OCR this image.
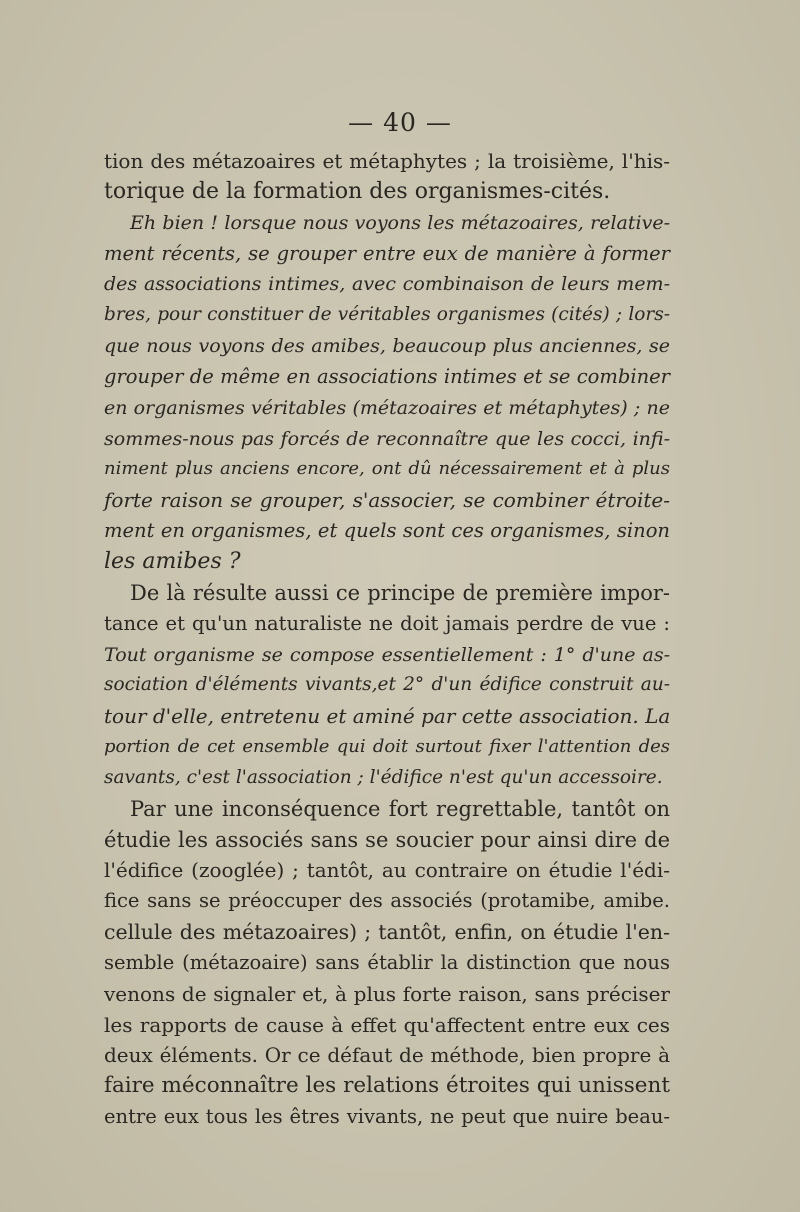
— 40 —
tion des métazoaires et métaphytes ; la troisième, l'his-
torique de la formation des organismes-cités.
Eh bien ! lorsque nous voyons les métazoaires, relative-
ment récents, se grouper entre eux de manière à former
des associations intimes, avec combinaison de leurs mem-
bres, pour constituer de véritables organismes (cités) ; lors-
que nous voyons des amibes, beaucoup plus anciennes, se
grouper de même en associations intimes et se combiner
en organismes véritables (métazoaires et métaphytes) ; ne
sommes-nous pas forcés de reconnaître que les cocci, infi-
niment plus anciens encore, ont dû nécessairement et à plus
forte raison se grouper, s'associer, se combiner étroite-
ment en organismes, et quels sont ces organismes, sinon
les amibes ?
De là résulte aussi ce principe de première impor-
tance et qu'un naturaliste ne doit jamais perdre de vue :
Tout organisme se compose essentiellement : 1° d'une as-
sociation d'éléments vivants,et 2° d'un édifice construit au-
tour d'elle, entretenu et aminé par cette association. La
portion de cet ensemble qui doit surtout fixer l'attention des
savants, c'est l'association ; l'édifice n'est qu'un accessoire.
Par une inconséquence fort regrettable, tantôt on
étudie les associés sans se soucier pour ainsi dire de
l'édifice (zooglée) ; tantôt, au contraire on étudie l'édi-
fice sans se préoccuper des associés (protamibe, amibe.
cellule des métazoaires) ; tantôt, enfin, on étudie l'en-
semble (métazoaire) sans établir la distinction que nous
venons de signaler et, à plus forte raison, sans préciser
les rapports de cause à effet qu'affectent entre eux ces
deux éléments. Or ce défaut de méthode, bien propre à
faire méconnaître les relations étroites qui unissent
entre eux tous les êtres vivants, ne peut que nuire beau-
